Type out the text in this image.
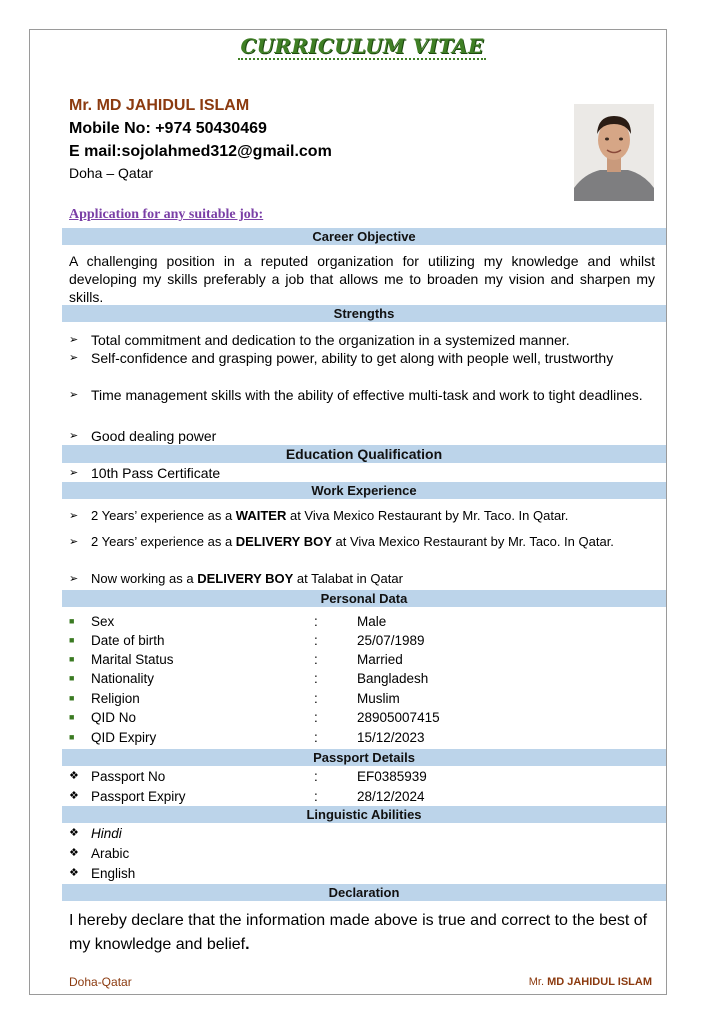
CURRICULUM VITAE
Mr. MD JAHIDUL ISLAM
Mobile No: +974 50430469
E mail:sojolahmed312@gmail.com
Doha – Qatar
Application for any suitable job:
Career Objective
A challenging position in a reputed organization for utilizing my knowledge and whilst developing my skills preferably a job that allows me to broaden my vision and sharpen my skills.
Strengths
➢ Total commitment and dedication to the organization in a systemized manner.
➢ Self-confidence and grasping power, ability to get along with people well, trustworthy
➢ Time management skills with the ability of effective multi-task and work to tight deadlines.
➢ Good dealing power
Education Qualification
➢ 10th Pass Certificate
Work Experience
➢ 2 Years’ experience as a WAITER at Viva Mexico Restaurant by Mr. Taco. In Qatar.
➢ 2 Years’ experience as a DELIVERY BOY at Viva Mexico Restaurant by Mr. Taco. In Qatar.
➢ Now working as a DELIVERY BOY at Talabat in Qatar
Personal Data
■ Sex	:	Male
■ Date of birth	:	25/07/1989
■ Marital Status	:	Married
■ Nationality	:	Bangladesh
■ Religion	:	Muslim
■ QID No	:	28905007415
■ QID Expiry	:	15/12/2023
Passport Details
❖ Passport No	:	EF0385939
❖ Passport Expiry	:	28/12/2024
Linguistic Abilities
❖ Hindi
❖ Arabic
❖ English
Declaration
I hereby declare that the information made above is true and correct to the best of my knowledge and belief.
Doha-Qatar	Mr. MD JAHIDUL ISLAM
